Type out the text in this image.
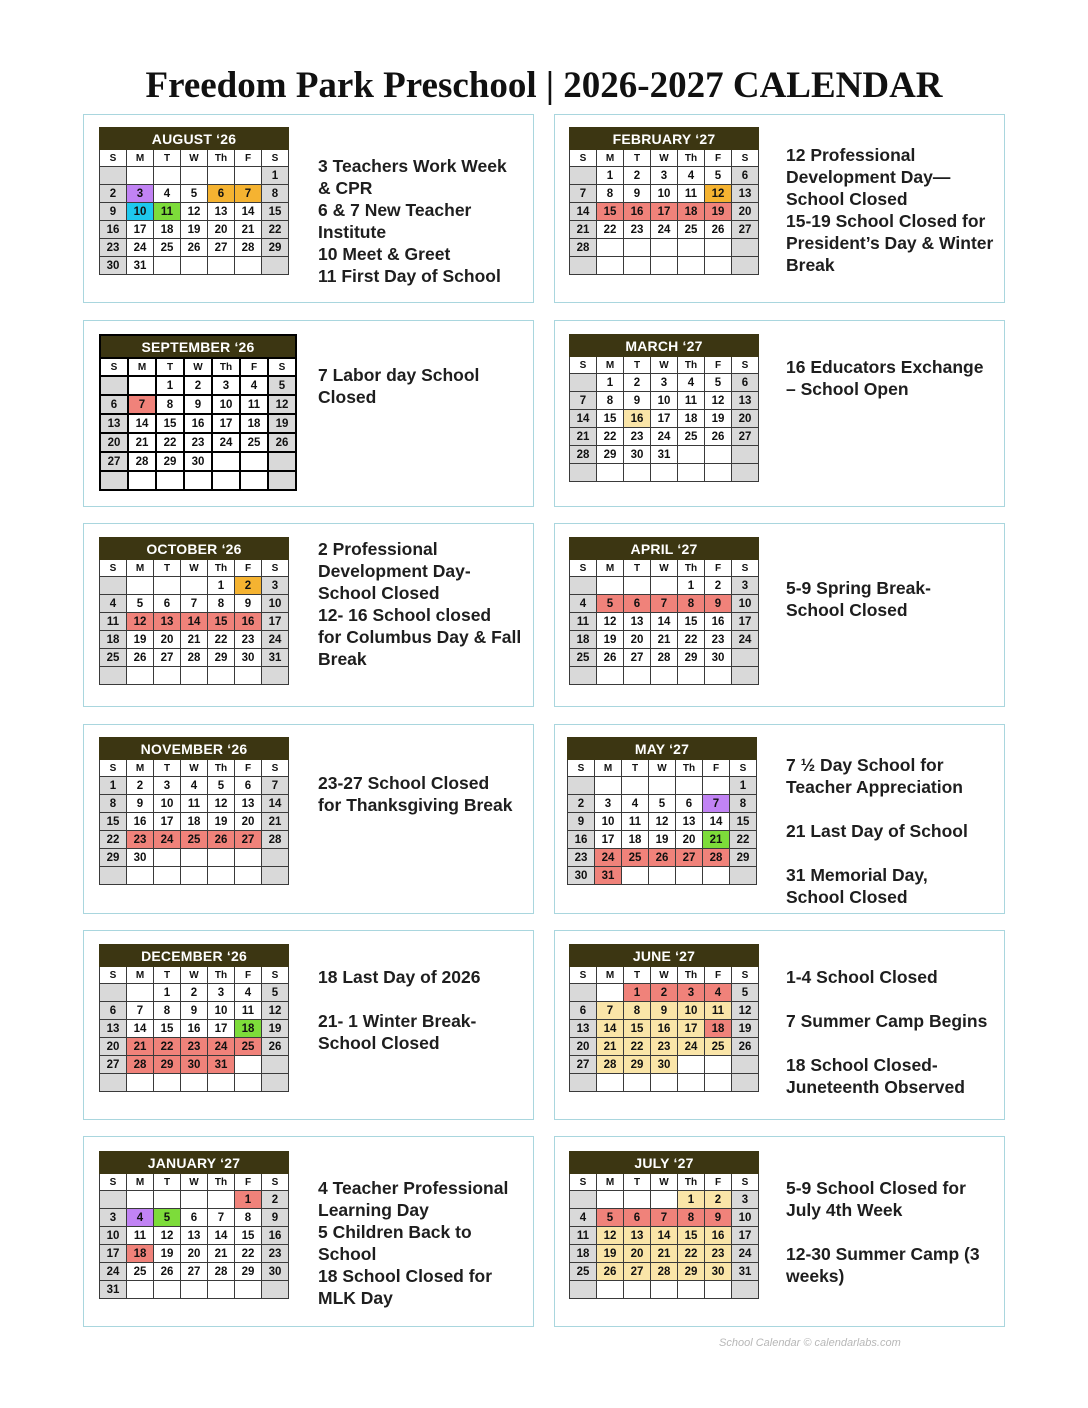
Freedom Park Preschool | 2026-2027 CALENDAR
AUGUST ‘26						
S	M	T	W	Th	F	S
						1
2	3	4	5	6	7	8
9	10	11	12	13	14	15
16	17	18	19	20	21	22
23	24	25	26	27	28	29
30	31					
3 Teachers Work Week
& CPR
6 & 7 New Teacher
Institute
10 Meet & Greet
11 First Day of School
FEBRUARY ‘27						
S	M	T	W	Th	F	S
	1	2	3	4	5	6
7	8	9	10	11	12	13
14	15	16	17	18	19	20
21	22	23	24	25	26	27
28						

12 Professional
Development Day—
School Closed
15-19 School Closed for
President’s Day & Winter
Break
SEPTEMBER ‘26						
S	M	T	W	Th	F	S
		1	2	3	4	5
6	7	8	9	10	11	12
13	14	15	16	17	18	19
20	21	22	23	24	25	26
27	28	29	30			

7 Labor day School
Closed
MARCH ‘27						
S	M	T	W	Th	F	S
	1	2	3	4	5	6
7	8	9	10	11	12	13
14	15	16	17	18	19	20
21	22	23	24	25	26	27
28	29	30	31			

16 Educators Exchange
– School Open
OCTOBER ‘26						
S	M	T	W	Th	F	S
				1	2	3
4	5	6	7	8	9	10
11	12	13	14	15	16	17
18	19	20	21	22	23	24
25	26	27	28	29	30	31

2 Professional
Development Day-
School Closed
12- 16 School closed
for Columbus Day & Fall
Break
APRIL ‘27						
S	M	T	W	Th	F	S
				1	2	3
4	5	6	7	8	9	10
11	12	13	14	15	16	17
18	19	20	21	22	23	24
25	26	27	28	29	30	

5-9 Spring Break-
School Closed
NOVEMBER ‘26						
S	M	T	W	Th	F	S
1	2	3	4	5	6	7
8	9	10	11	12	13	14
15	16	17	18	19	20	21
22	23	24	25	26	27	28
29	30					

23-27 School Closed
for Thanksgiving Break
MAY ‘27						
S	M	T	W	Th	F	S
						1
2	3	4	5	6	7	8
9	10	11	12	13	14	15
16	17	18	19	20	21	22
23	24	25	26	27	28	29
30	31					
7 ½ Day School for
Teacher Appreciation
21 Last Day of School
31 Memorial Day,
School Closed
DECEMBER ‘26						
S	M	T	W	Th	F	S
		1	2	3	4	5
6	7	8	9	10	11	12
13	14	15	16	17	18	19
20	21	22	23	24	25	26
27	28	29	30	31		

18 Last Day of 2026
21- 1 Winter Break-
School Closed
JUNE ‘27						
S	M	T	W	Th	F	S
		1	2	3	4	5
6	7	8	9	10	11	12
13	14	15	16	17	18	19
20	21	22	23	24	25	26
27	28	29	30			

1-4 School Closed
7 Summer Camp Begins
18 School Closed-
Juneteenth Observed
JANUARY ‘27						
S	M	T	W	Th	F	S
					1	2
3	4	5	6	7	8	9
10	11	12	13	14	15	16
17	18	19	20	21	22	23
24	25	26	27	28	29	30
31						
4 Teacher Professional
Learning Day
5 Children Back to
School
18 School Closed for
MLK Day
JULY ‘27						
S	M	T	W	Th	F	S
				1	2	3
4	5	6	7	8	9	10
11	12	13	14	15	16	17
18	19	20	21	22	23	24
25	26	27	28	29	30	31

5-9 School Closed for
July 4th Week
12-30 Summer Camp (3
weeks)
School Calendar © calendarlabs.com
